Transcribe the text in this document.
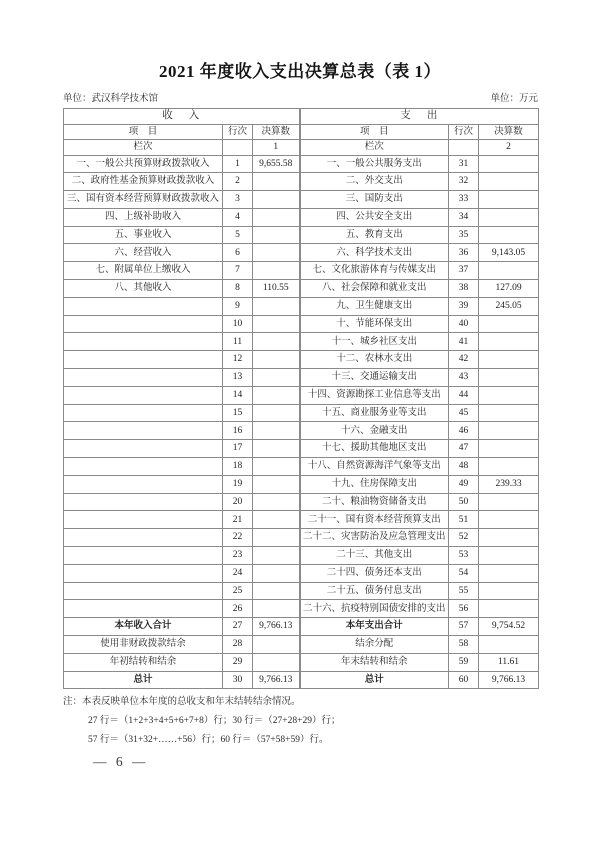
2021 年度收入支出决算总表（表 1）
单位：武汉科学技术馆	单位：万元
收　 入			支　 出		
项　目	行次	决算数	项　目	行次	决算数
栏次		1	栏次		2
一、一般公共预算财政拨款收入	1	9,655.58	一、一般公共服务支出	31	
二、政府性基金预算财政拨款收入	2		二、外交支出	32	
三、国有资本经营预算财政拨款收入	3		三、国防支出	33	
四、上级补助收入	4		四、公共安全支出	34	
五、事业收入	5		五、教育支出	35	
六、经营收入	6		六、科学技术支出	36	9,143.05
七、附属单位上缴收入	7		七、文化旅游体育与传媒支出	37	
八、其他收入	8	110.55	八、社会保障和就业支出	38	127.09
	9		九、卫生健康支出	39	245.05
	10		十、节能环保支出	40	
	11		十一、城乡社区支出	41	
	12		十二、农林水支出	42	
	13		十三、交通运输支出	43	
	14		十四、资源勘探工业信息等支出	44	
	15		十五、商业服务业等支出	45	
	16		十六、金融支出	46	
	17		十七、援助其他地区支出	47	
	18		十八、自然资源海洋气象等支出	48	
	19		十九、住房保障支出	49	239.33
	20		二十、粮油物资储备支出	50	
	21		二十一、国有资本经营预算支出	51	
	22		二十二、灾害防治及应急管理支出	52	
	23		二十三、其他支出	53	
	24		二十四、债务还本支出	54	
	25		二十五、债务付息支出	55	
	26		二十六、抗疫特别国债安排的支出	56	
本年收入合计	27	9,766.13	本年支出合计	57	9,754.52
使用非财政拨款结余	28		结余分配	58	
年初结转和结余	29		年末结转和结余	59	11.61
总计	30	9,766.13	总计	60	9,766.13
注：本表反映单位本年度的总收支和年末结转结余情况。
27 行＝（1+2+3+4+5+6+7+8）行；30 行＝（27+28+29）行；
57 行＝（31+32+……+56）行；60 行＝（57+58+59）行。
— 6 —
